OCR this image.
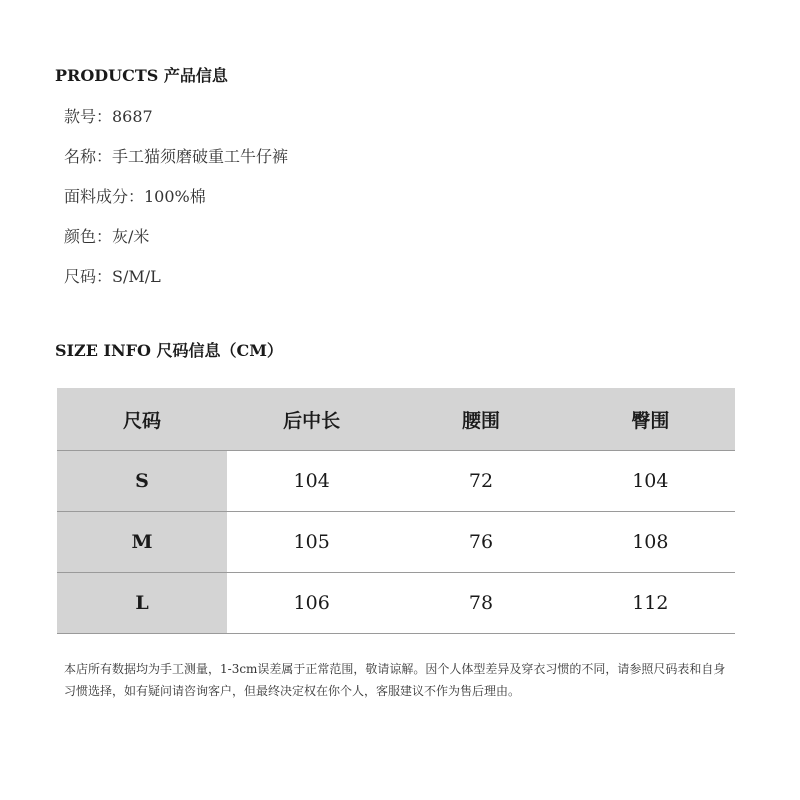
PRODUCTS 产品信息
款号：8687
名称：手工猫须磨破重工牛仔裤
面料成分：100%棉
颜色：灰/米
尺码：S/M/L
SIZE INFO 尺码信息（CM）
尺码	后中长	腰围	臀围
S	104	72	104
M	105	76	108
L	106	78	112
本店所有数据均为手工测量，1-3cm误差属于正常范围，敬请谅解。因个人体型差异及穿衣习惯的不同，请参照尺码表和自身习惯选择，如有疑问请咨询客户，但最终决定权在你个人，客服建议不作为售后理由。
